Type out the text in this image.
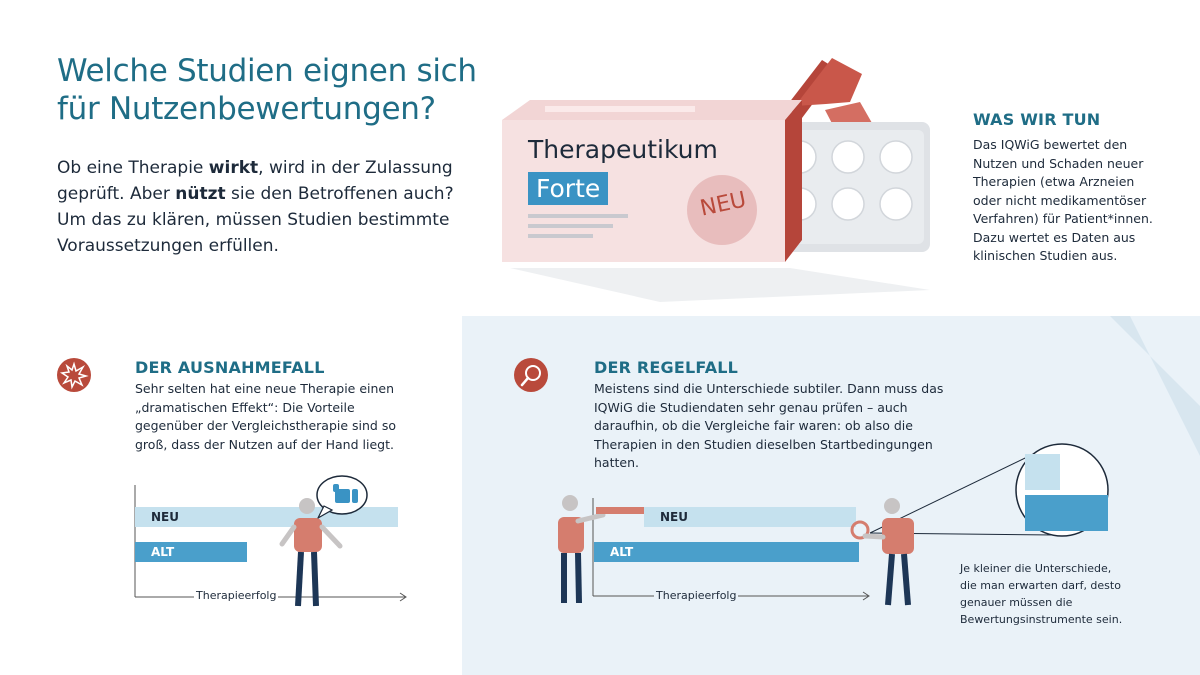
Welche Studien eignen sich für Nutzenbewertungen?
Ob eine Therapie wirkt, wird in der Zulassung geprüft. Aber nützt sie den Betroffenen auch? Um das zu klären, müssen Studien bestimmte Voraussetzungen erfüllen.
Therapeutikum
Forte	NEU
WAS WIR TUN
Das IQWiG bewertet den Nutzen und Schaden neuer Therapien (etwa Arzneien oder nicht medikamentöser Verfahren) für Patient*innen. Dazu wertet es Daten aus klinischen Studien aus.
DER AUSNAHMEFALL
Sehr selten hat eine neue Therapie einen „dramatischen Effekt“: Die Vorteile gegenüber der Vergleichstherapie sind so groß, dass der Nutzen auf der Hand liegt.
NEU
ALT
Therapieerfolg
DER REGELFALL
Meistens sind die Unterschiede subtiler. Dann muss das IQWiG die Studiendaten sehr genau prüfen – auch daraufhin, ob die Vergleiche fair waren: ob also die Therapien in den Studien dieselben Startbedingungen hatten.
NEU
ALT
Therapieerfolg
Je kleiner die Unterschiede, die man erwarten darf, desto genauer müssen die Bewertungsinstrumente sein.
